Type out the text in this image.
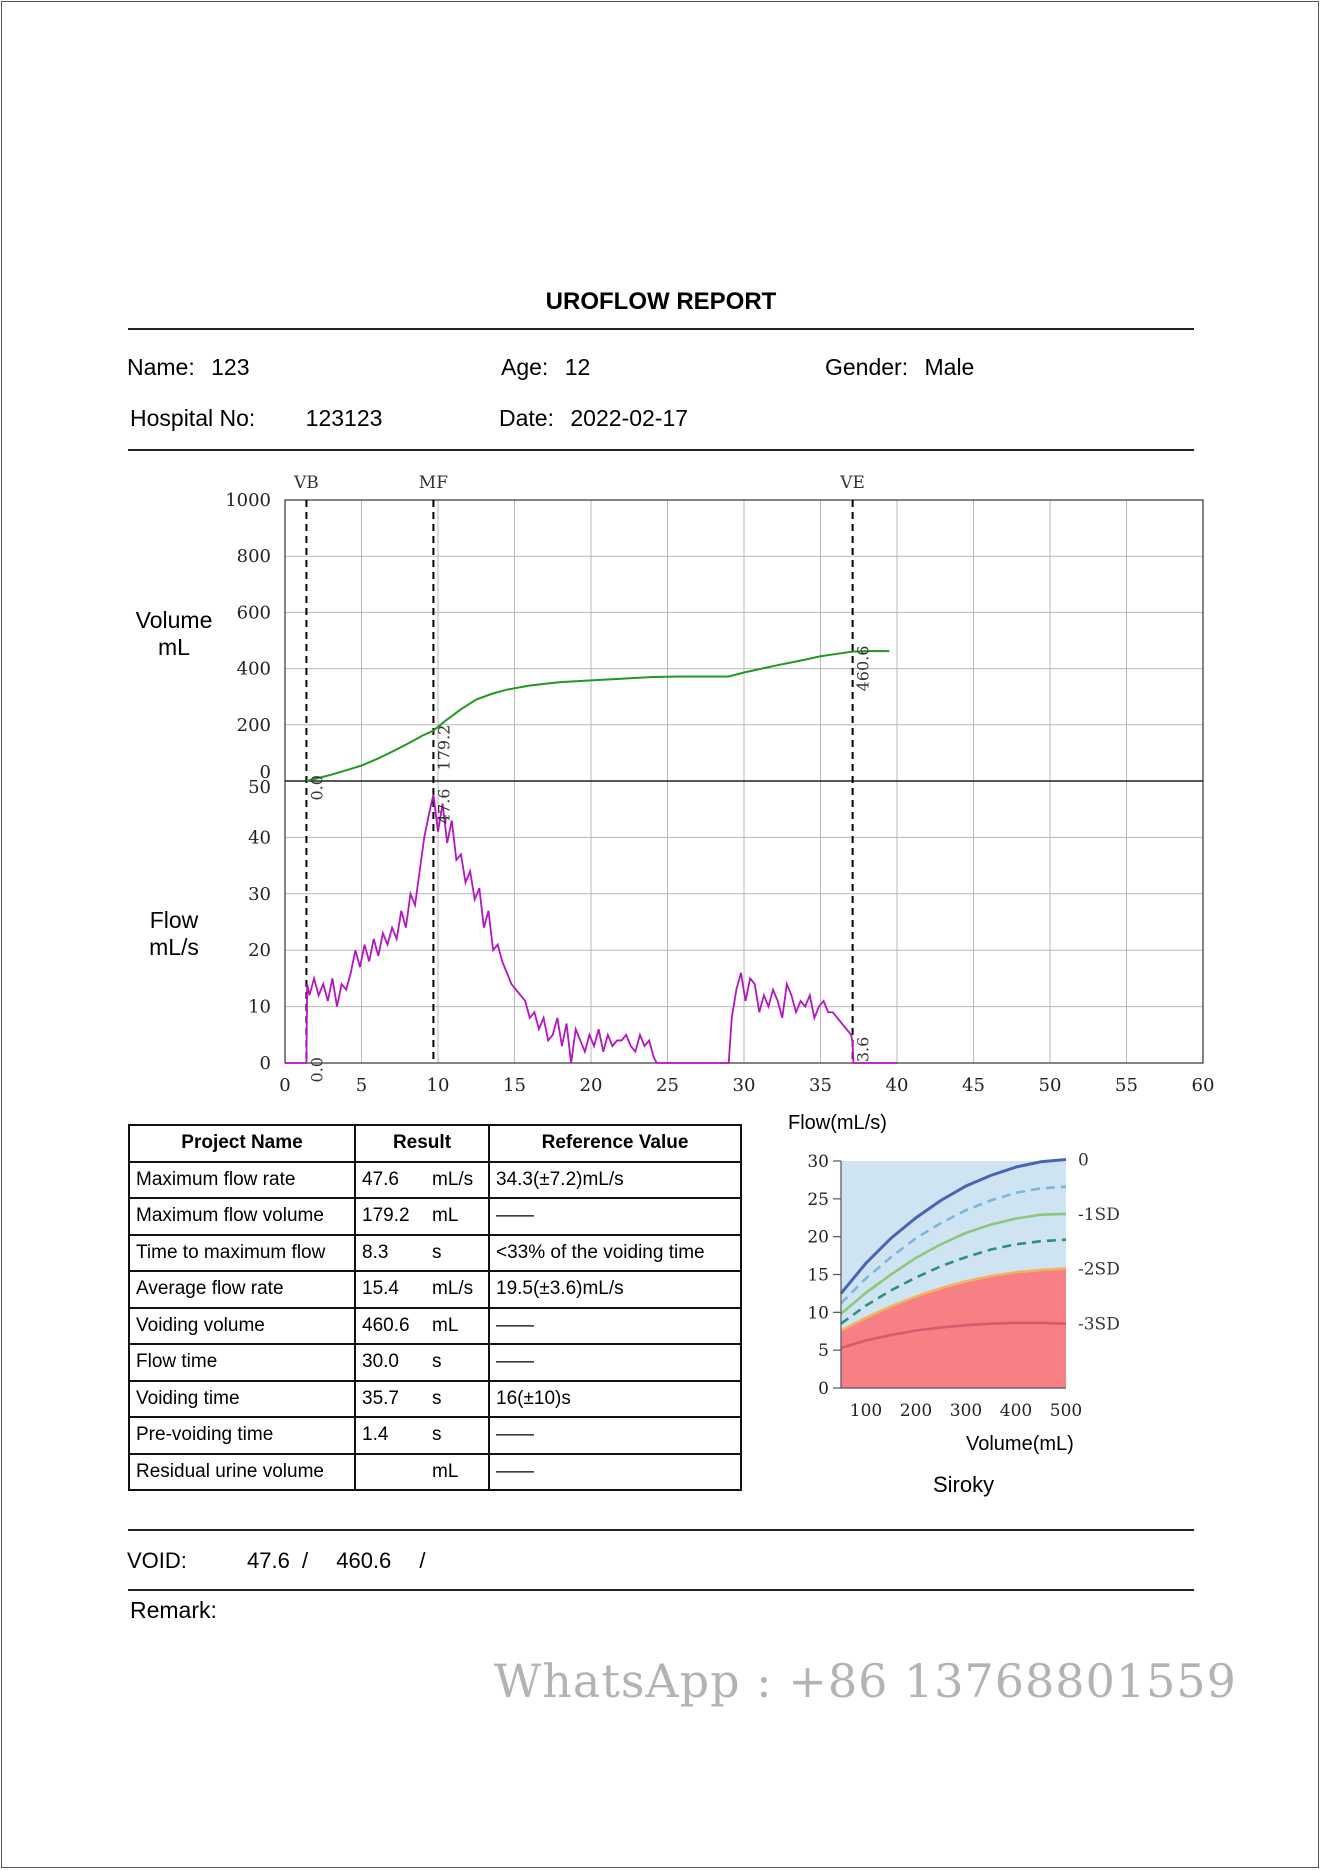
UROFLOW REPORT
Name: 123	Age: 12	Gender: Male
Hospital No: 123123	Date: 2022-02-17
Volume
mL
Flow
mL/s
0	5	10	15	20	25	30	35	40	45	50	55	60
0
200
400
600
800
1000
0
10
20
30
40
50
VB	MF	VE
0.0
179.2
460.6
0.0
47.6
3.6
Project Name	Result		Reference Value
Maximum flow rate	47.6	mL/s	34.3(±7.2)mL/s
Maximum flow volume	179.2	mL	——
Time to maximum flow	8.3	s	<33% of the voiding time
Average flow rate	15.4	mL/s	19.5(±3.6)mL/s
Voiding volume	460.6	mL	——
Flow time	30.0	s	——
Voiding time	35.7	s	16(±10)s
Pre-voiding time	1.4	s	——
Residual urine volume		mL	——
Flow(mL/s)
0
5
10
15
20
25
30
100 200 300 400 500
0
-1SD
-2SD
-3SD
Volume(mL)
Siroky
VOID:	47.6 / 460.6 /
Remark:
WhatsApp : +86 13768801559
